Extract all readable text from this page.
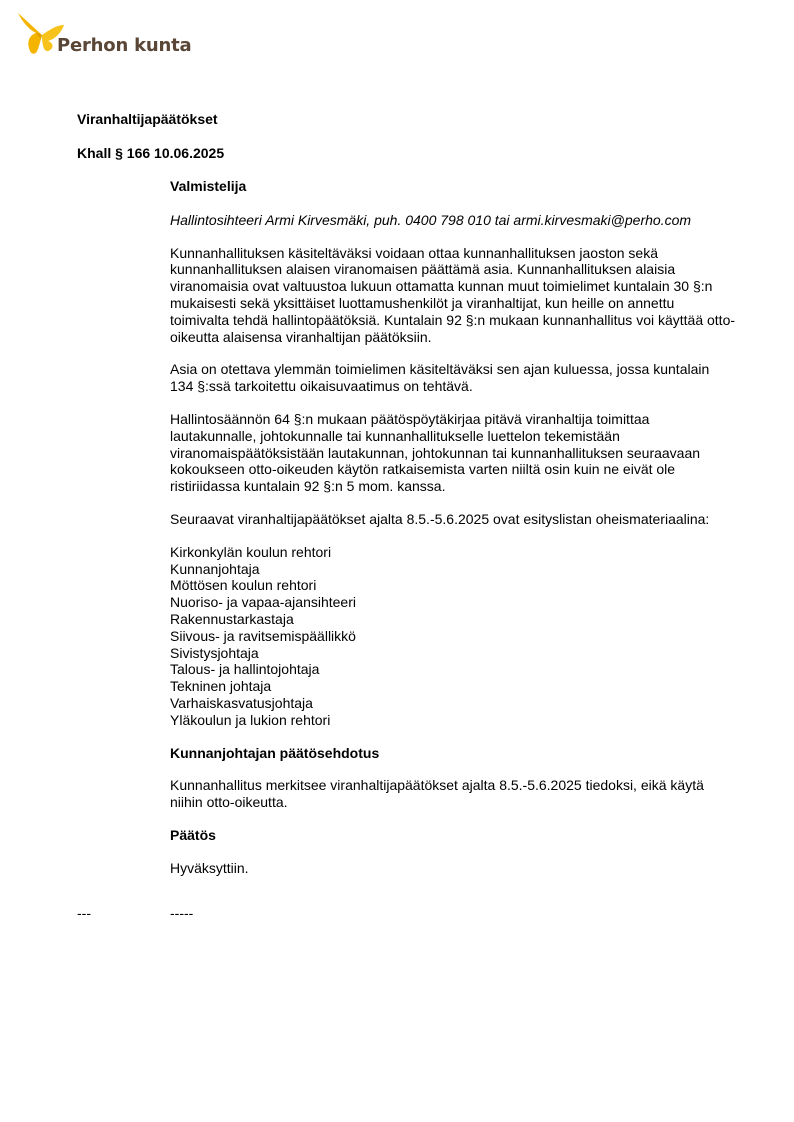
Perhon kunta
Viranhaltijapäätökset
Khall § 166 10.06.2025

Valmistelija

Hallintosihteeri Armi Kirvesmäki, puh. 0400 798 010 tai armi.kirvesmaki@perho.com

Kunnanhallituksen käsiteltäväksi voidaan ottaa kunnanhallituksen jaoston sekä kunnanhallituksen alaisen viranomaisen päättämä asia. Kunnanhallituksen alaisia viranomaisia ovat valtuustoa lukuun ottamatta kunnan muut toimielimet kuntalain 30 §:n mukaisesti sekä yksittäiset luottamushenkilöt ja viranhaltijat, kun heille on annettu toimivalta tehdä hallintopäätöksiä. Kuntalain 92 §:n mukaan kunnanhallitus voi käyttää otto-oikeutta alaisensa viranhaltijan päätöksiin.

Asia on otettava ylemmän toimielimen käsiteltäväksi sen ajan kuluessa, jossa kuntalain 134 §:ssä tarkoitettu oikaisuvaatimus on tehtävä.

Hallintosäännön 64 §:n mukaan päätöspöytäkirjaa pitävä viranhaltija toimittaa lautakunnalle, johtokunnalle tai kunnanhallitukselle luettelon tekemistään viranomaispäätöksistään lautakunnan, johtokunnan tai kunnanhallituksen seuraavaan kokoukseen otto-oikeuden käytön ratkaisemista varten niiltä osin kuin ne eivät ole ristiriidassa kuntalain 92 §:n 5 mom. kanssa.

Seuraavat viranhaltijapäätökset ajalta 8.5.-5.6.2025 ovat esityslistan oheismateriaalina:

Kirkonkylän koulun rehtori

Kunnanjohtaja

Möttösen koulun rehtori

Nuoriso- ja vapaa-ajansihteeri

Rakennustarkastaja

Siivous- ja ravitsemispäällikkö

Sivistysjohtaja

Talous- ja hallintojohtaja

Tekninen johtaja

Varhaiskasvatusjohtaja

Yläkoulun ja lukion rehtori

Kunnanjohtajan päätösehdotus

Kunnanhallitus merkitsee viranhaltijapäätökset ajalta 8.5.-5.6.2025 tiedoksi, eikä käytä niihin otto-oikeutta.

Päätös

Hyväksyttiin.

---	-----
